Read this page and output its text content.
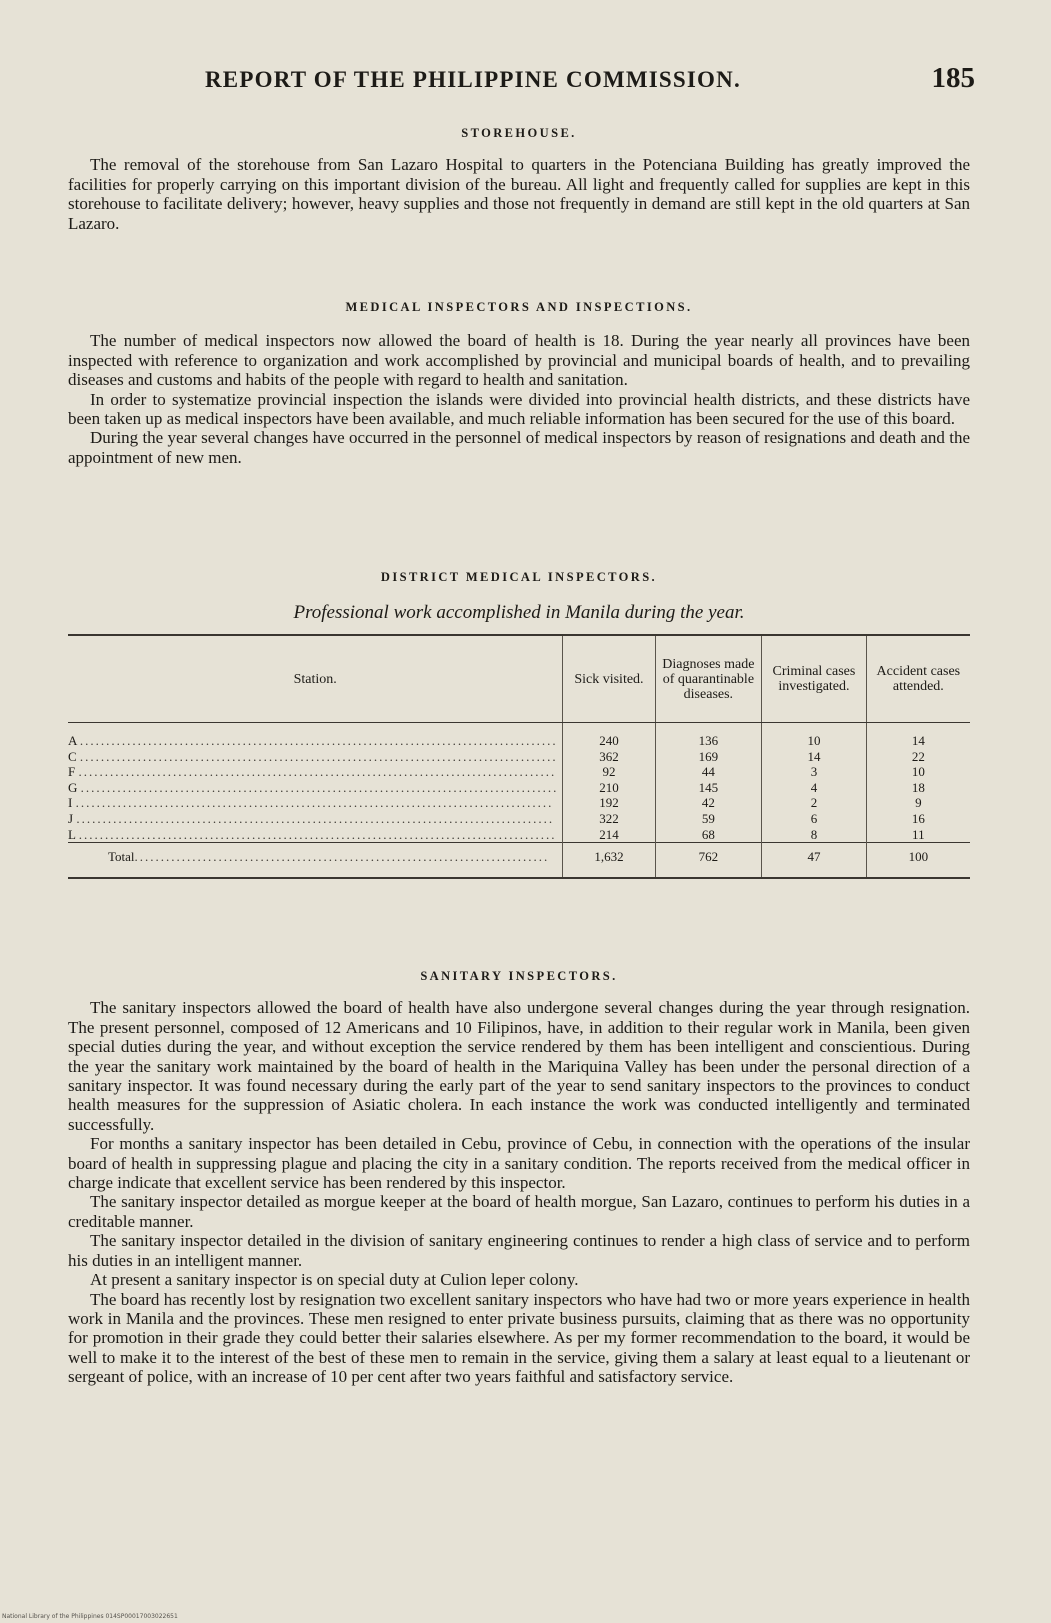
REPORT OF THE PHILIPPINE COMMISSION.	185
STOREHOUSE.

The removal of the storehouse from San Lazaro Hospital to quarters in the Potenciana Building has greatly improved the facilities for properly carrying on this important division of the bureau. All light and frequently called for supplies are kept in this storehouse to facilitate delivery; however, heavy supplies and those not frequently in demand are still kept in the old quarters at San Lazaro.

MEDICAL INSPECTORS AND INSPECTIONS.

The number of medical inspectors now allowed the board of health is 18. During the year nearly all provinces have been inspected with reference to organization and work accomplished by provincial and municipal boards of health, and to prevailing diseases and customs and habits of the people with regard to health and sanitation.

In order to systematize provincial inspection the islands were divided into provincial health districts, and these districts have been taken up as medical inspectors have been available, and much reliable information has been secured for the use of this board.

During the year several changes have occurred in the personnel of medical inspectors by reason of resignations and death and the appointment of new men.

DISTRICT MEDICAL INSPECTORS.
Professional work accomplished in Manila during the year.
Station.	Sick visited.	Diagnoses made of quarantinable diseases.	Criminal cases investigated.	Accident cases attended.
A ...........................................................................................	240	136	10	14
C ...........................................................................................	362	169	14	22
F ...........................................................................................	92	44	3	10
G ...........................................................................................	210	145	4	18
I ...........................................................................................	192	42	2	9
J ...........................................................................................	322	59	6	16
L ...........................................................................................	214	68	8	11
Total...............................................................................	1,632	762	47	100
SANITARY INSPECTORS.

The sanitary inspectors allowed the board of health have also undergone several changes during the year through resignation. The present personnel, composed of 12 Americans and 10 Filipinos, have, in addition to their regular work in Manila, been given special duties during the year, and without exception the service rendered by them has been intelligent and conscientious. During the year the sanitary work maintained by the board of health in the Mariquina Valley has been under the personal direction of a sanitary inspector. It was found necessary during the early part of the year to send sanitary inspectors to the provinces to conduct health measures for the suppression of Asiatic cholera. In each instance the work was conducted intelligently and terminated successfully.

For months a sanitary inspector has been detailed in Cebu, province of Cebu, in connection with the operations of the insular board of health in suppressing plague and placing the city in a sanitary condition. The reports received from the medical officer in charge indicate that excellent service has been rendered by this inspector.

The sanitary inspector detailed as morgue keeper at the board of health morgue, San Lazaro, continues to perform his duties in a creditable manner.

The sanitary inspector detailed in the division of sanitary engineering continues to render a high class of service and to perform his duties in an intelligent manner.

At present a sanitary inspector is on special duty at Culion leper colony.

The board has recently lost by resignation two excellent sanitary inspectors who have had two or more years experience in health work in Manila and the provinces. These men resigned to enter private business pursuits, claiming that as there was no opportunity for promotion in their grade they could better their salaries elsewhere. As per my former recommendation to the board, it would be well to make it to the interest of the best of these men to remain in the service, giving them a salary at least equal to a lieutenant or sergeant of police, with an increase of 10 per cent after two years faithful and satisfactory service.

National Library of the Philippines 014SP00017003022651
